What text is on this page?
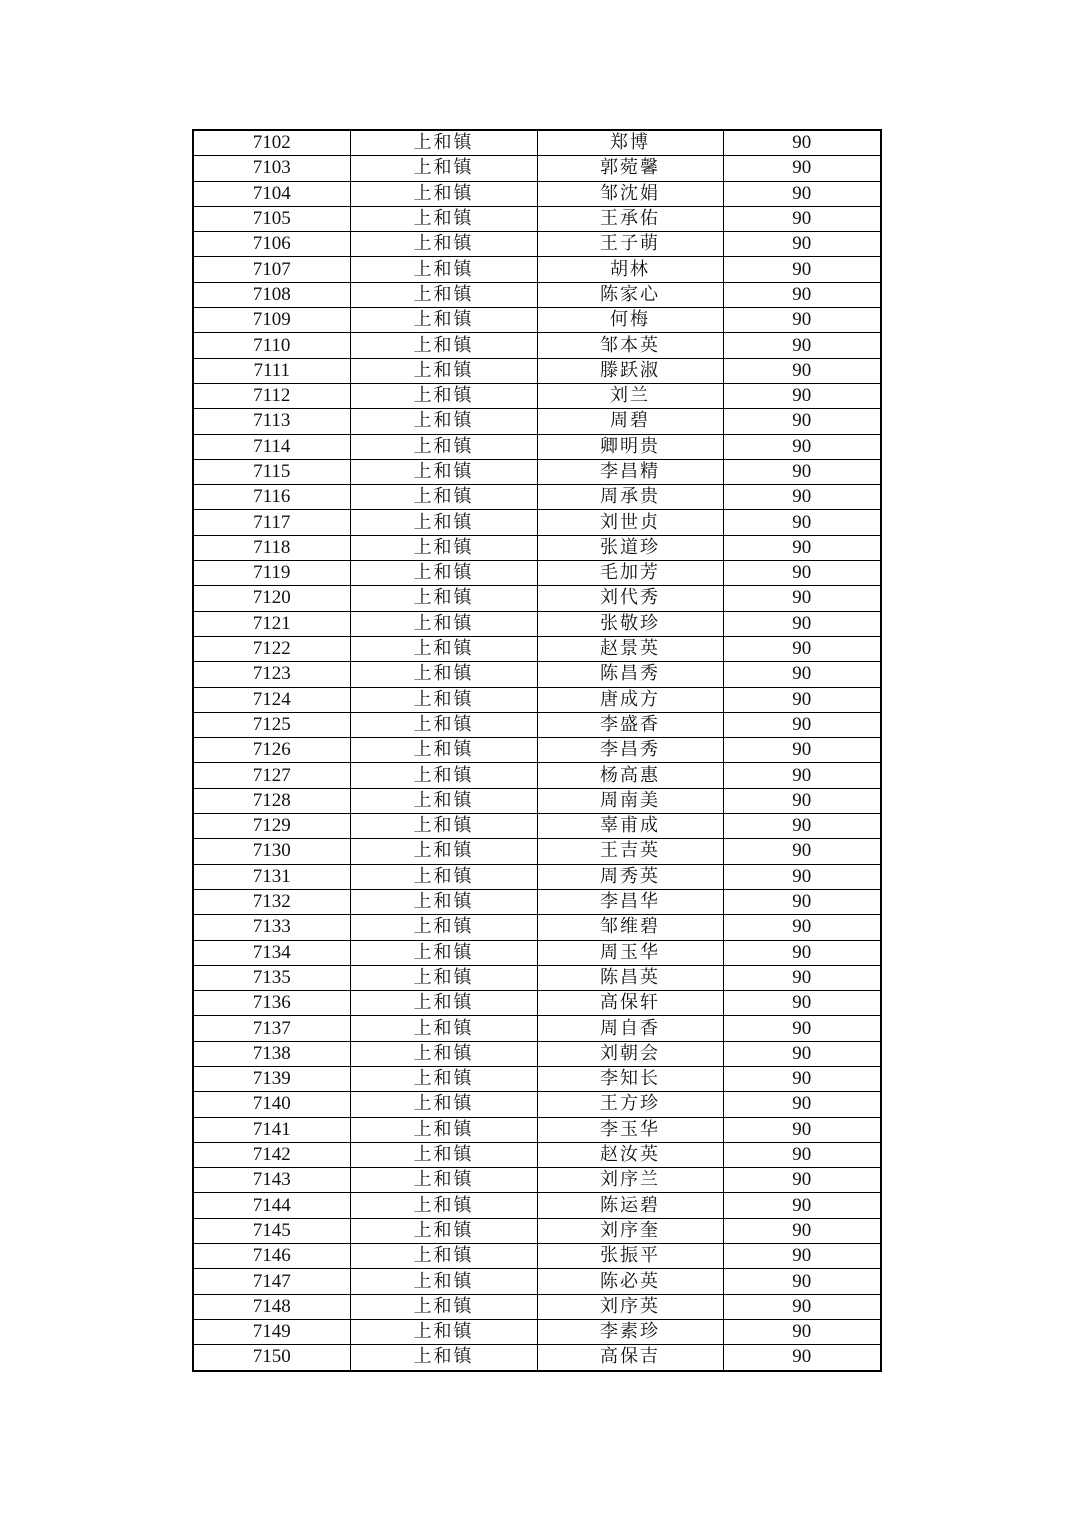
7102	上和镇	郑博	90
7103	上和镇	郭菀馨	90
7104	上和镇	邹沈娟	90
7105	上和镇	王承佑	90
7106	上和镇	王子萌	90
7107	上和镇	胡林	90
7108	上和镇	陈家心	90
7109	上和镇	何梅	90
7110	上和镇	邹本英	90
7111	上和镇	滕跃淑	90
7112	上和镇	刘兰	90
7113	上和镇	周碧	90
7114	上和镇	卿明贵	90
7115	上和镇	李昌精	90
7116	上和镇	周承贵	90
7117	上和镇	刘世贞	90
7118	上和镇	张道珍	90
7119	上和镇	毛加芳	90
7120	上和镇	刘代秀	90
7121	上和镇	张敬珍	90
7122	上和镇	赵景英	90
7123	上和镇	陈昌秀	90
7124	上和镇	唐成方	90
7125	上和镇	李盛香	90
7126	上和镇	李昌秀	90
7127	上和镇	杨高惠	90
7128	上和镇	周南美	90
7129	上和镇	辜甫成	90
7130	上和镇	王吉英	90
7131	上和镇	周秀英	90
7132	上和镇	李昌华	90
7133	上和镇	邹维碧	90
7134	上和镇	周玉华	90
7135	上和镇	陈昌英	90
7136	上和镇	高保轩	90
7137	上和镇	周自香	90
7138	上和镇	刘朝会	90
7139	上和镇	李知长	90
7140	上和镇	王方珍	90
7141	上和镇	李玉华	90
7142	上和镇	赵汝英	90
7143	上和镇	刘序兰	90
7144	上和镇	陈运碧	90
7145	上和镇	刘序奎	90
7146	上和镇	张振平	90
7147	上和镇	陈必英	90
7148	上和镇	刘序英	90
7149	上和镇	李素珍	90
7150	上和镇	高保吉	90
